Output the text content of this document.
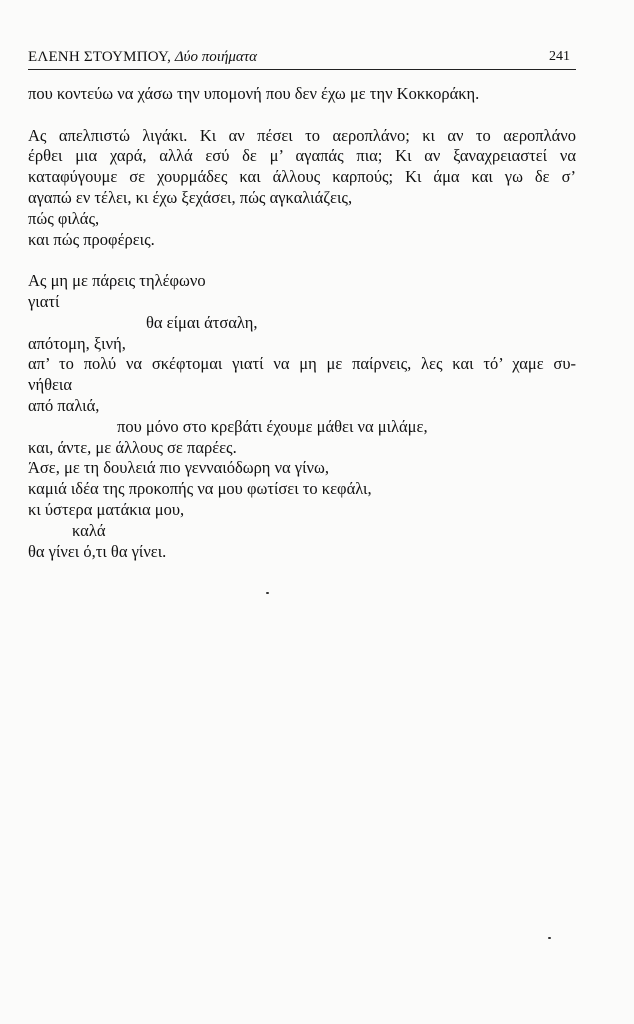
ΕΛΕΝΗ ΣΤΟΥΜΠΟΥ, Δύο ποιήματα	241
που κοντεύω να χάσω την υπομονή που δεν έχω με την Κοκκοράκη.
Ας απελπιστώ λιγάκι. Κι αν πέσει το αεροπλάνο; κι αν το αεροπλάνο
έρθει μια χαρά, αλλά εσύ δε μ’ αγαπάς πια; Κι αν ξαναχρειαστεί να
καταφύγουμε σε χουρμάδες και άλλους καρπούς; Κι άμα και γω δε σ’
αγαπώ εν τέλει, κι έχω ξεχάσει, πώς αγκαλιάζεις,
πώς φιλάς,
και πώς προφέρεις.
Ας μη με πάρεις τηλέφωνο
γιατί
θα είμαι άτσαλη,
απότομη, ξινή,
απ’ το πολύ να σκέφτομαι γιατί να μη με παίρνεις, λες και τό’ χαμε συ-
νήθεια
από παλιά,
που μόνο στο κρεβάτι έχουμε μάθει να μιλάμε,
και, άντε, με άλλους σε παρέες.
Άσε, με τη δουλειά πιο γενναιόδωρη να γίνω,
καμιά ιδέα της προκοπής να μου φωτίσει το κεφάλι,
κι ύστερα ματάκια μου,
καλά
θα γίνει ό,τι θα γίνει.
